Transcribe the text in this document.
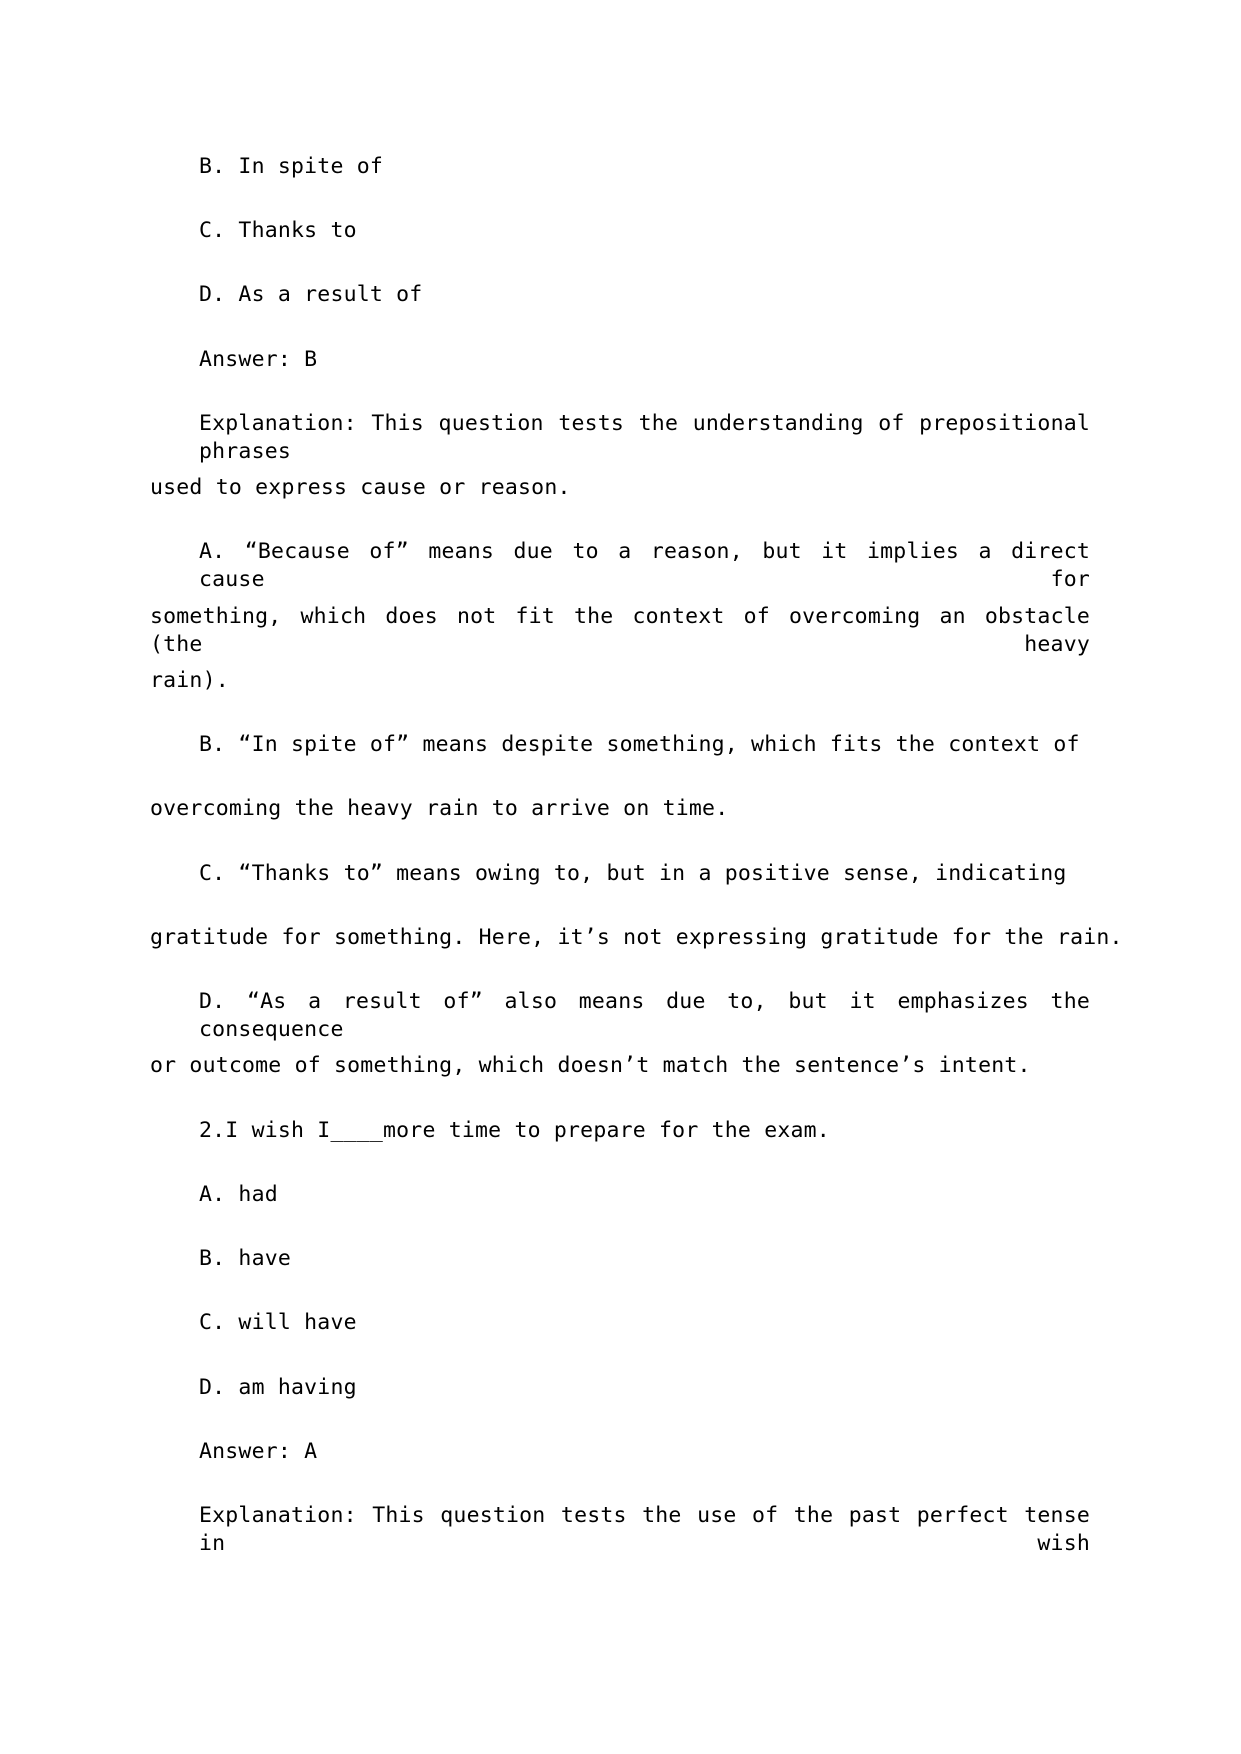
B. In spite of
C. Thanks to
D. As a result of
Answer: B
Explanation: This question tests the understanding of prepositional phrases
used to express cause or reason.
A. “Because of” means due to a reason, but it implies a direct cause for
something, which does not fit the context of overcoming an obstacle (the heavy
rain).
B. “In spite of” means despite something, which fits the context of
overcoming the heavy rain to arrive on time.
C. “Thanks to” means owing to, but in a positive sense, indicating
gratitude for something. Here, it’s not expressing gratitude for the rain.
D. “As a result of” also means due to, but it emphasizes the consequence
or outcome of something, which doesn’t match the sentence’s intent.
2.I wish I____more time to prepare for the exam.
A. had
B. have
C. will have
D. am having
Answer: A
Explanation: This question tests the use of the past perfect tense in wish
